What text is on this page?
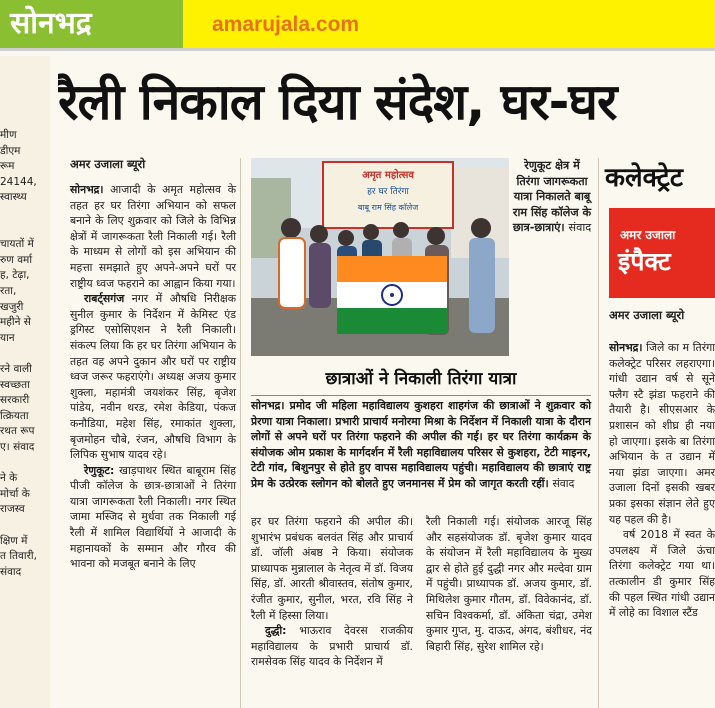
सोनभद्र	amarujala.com
मीण
डीएम
रूम
24144,
स्वास्थ्य
चायतों में
रुण वर्मा
ह, टेढ़ा,
रता,
खजुरी
महीने से
यान
रने वाली
स्वच्छता
सरकारी
त्क्रियता
रथत रूप
ए। संवाद
ने के
मोर्चा के
राजस्व
क्षिण में
त तिवारी,
संवाद
रैली निकाल दिया संदेश, घर-घर
अमर उजाला ब्यूरो

सोनभद्र। आजादी के अमृत महोत्सव के तहत हर घर तिरंगा अभियान को सफल बनाने के लिए शुक्रवार को जिले के विभिन्न क्षेत्रों में जागरूकता रैली निकाली गई। रैली के माध्यम से लोगों को इस अभियान की महत्ता समझाते हुए अपने-अपने घरों पर राष्ट्रीय ध्वज फहराने का आह्वान किया गया।

राबर्ट्सगंज नगर में औषधि निरीक्षक सुनील कुमार के निर्देशन में केमिस्ट एंड ड्रगिस्ट एसोसिएशन ने रैली निकाली। संकल्प लिया कि हर घर तिरंगा अभियान के तहत वह अपने दुकान और घरों पर राष्ट्रीय ध्वज जरूर फहराएंगे। अध्यक्ष अजय कुमार शुक्ला, महामंत्री जयशंकर सिंह, बृजेश पांडेय, नवीन थरड, रमेश केडिया, पंकज कनौडिया, महेश सिंह, रमाकांत शुक्ला, बृजमोहन चौबे, रंजन, औषधि विभाग के लिपिक सुभाष यादव रहे।

रेणुकूट: खाड़पाथर स्थित बाबूराम सिंह पीजी कॉलेज के छात्र-छात्राओं ने तिरंगा यात्रा जागरूकता रैली निकाली। नगर स्थित जामा मस्जिद से मुर्धवा तक निकाली गई रैली में शामिल विद्यार्थियों ने आजादी के महानायकों के सम्मान और गौरव की भावना को मजबूत बनाने के लिए

अमृत महोत्सव
हर घर तिरंगा
बाबू राम सिंह कॉलेज
रेणुकूट क्षेत्र में तिरंगा जागरूकता यात्रा निकालते बाबू राम सिंह कॉलेज के छात्र-छात्राएं। संवाद
छात्राओं ने निकाली तिरंगा यात्रा

सोनभद्र। प्रमोद जी महिला महाविद्यालय कुशहरा शाहगंज की छात्राओं ने शुक्रवार को प्रेरणा यात्रा निकाला। प्रभारी प्राचार्य मनोरमा मिश्रा के निर्देशन में निकाली यात्रा के दौरान लोगों से अपने घरों पर तिरंगा फहराने की अपील की गई। हर घर तिरंगा कार्यक्रम के संयोजक ओम प्रकाश के मार्गदर्शन में रैली महाविद्यालय परिसर से कुशहरा, टेटी माइनर, टेटी गांव, बिशुनपुर से होते हुए वापस महाविद्यालय पहुंची। महाविद्यालय की छात्राएं राष्ट्र प्रेम के उत्प्रेरक स्लोगन को बोलते हुए जनमानस में प्रेम को जागृत करती रहीं। संवाद

हर घर तिरंगा फहराने की अपील की। शुभारंभ प्रबंधक बलवंत सिंह और प्राचार्य डॉ. जॉली अंबष्ठ ने किया। संयोजक प्राध्यापक मुन्नालाल के नेतृत्व में डॉ. विजय सिंह, डॉ. आरती श्रीवास्तव, संतोष कुमार, रंजीत कुमार, सुनील, भरत, रवि सिंह ने रैली में हिस्सा लिया।

दुद्धी: भाऊराव देवरस राजकीय महाविद्यालय के प्रभारी प्राचार्य डॉ. रामसेवक सिंह यादव के निर्देशन में

रैली निकाली गई। संयोजक आरजू सिंह और सहसंयोजक डॉ. बृजेश कुमार यादव के संयोजन में रैली महाविद्यालय के मुख्य द्वार से होते हुई दुद्धी नगर और मल्देवा ग्राम में पहुंची। प्राध्यापक डॉ. अजय कुमार, डॉ. मिथिलेश कुमार गौतम, डॉ. विवेकानंद, डॉ. सचिन विश्वकर्मा, डॉ. अंकिता चंद्रा, उमेश कुमार गुप्त, मु. दाऊद, अंगद, बंशीधर, नंद बिहारी सिंह, सुरेश शामिल रहे।

कलेक्ट्रेट
अमर उजाला
इंपैक्ट
अमर उजाला ब्यूरो

सोनभद्र। जिले का म तिरंगा कलेक्ट्रेट परिसर लहराएगा। गांधी उद्यान वर्ष से सूने फ्लैग स्टै झंडा फहराने की तैयारी है। सीएसआर के प्रशासन को शीघ्र ही नया हो जाएगा। इसके बा तिरंगा अभियान के त उद्यान में नया झंडा जाएगा। अमर उजाला दिनों इसकी खबर प्रका इसका संज्ञान लेते हुए यह पहल की है।

वर्ष 2018 में स्वत के उपलक्ष्य में जिले ऊंचा तिरंगा कलेक्ट्रेट गया था। तत्कालीन डी कुमार सिंह की पहल स्थित गांधी उद्यान में लोहे का विशाल स्टैंड
